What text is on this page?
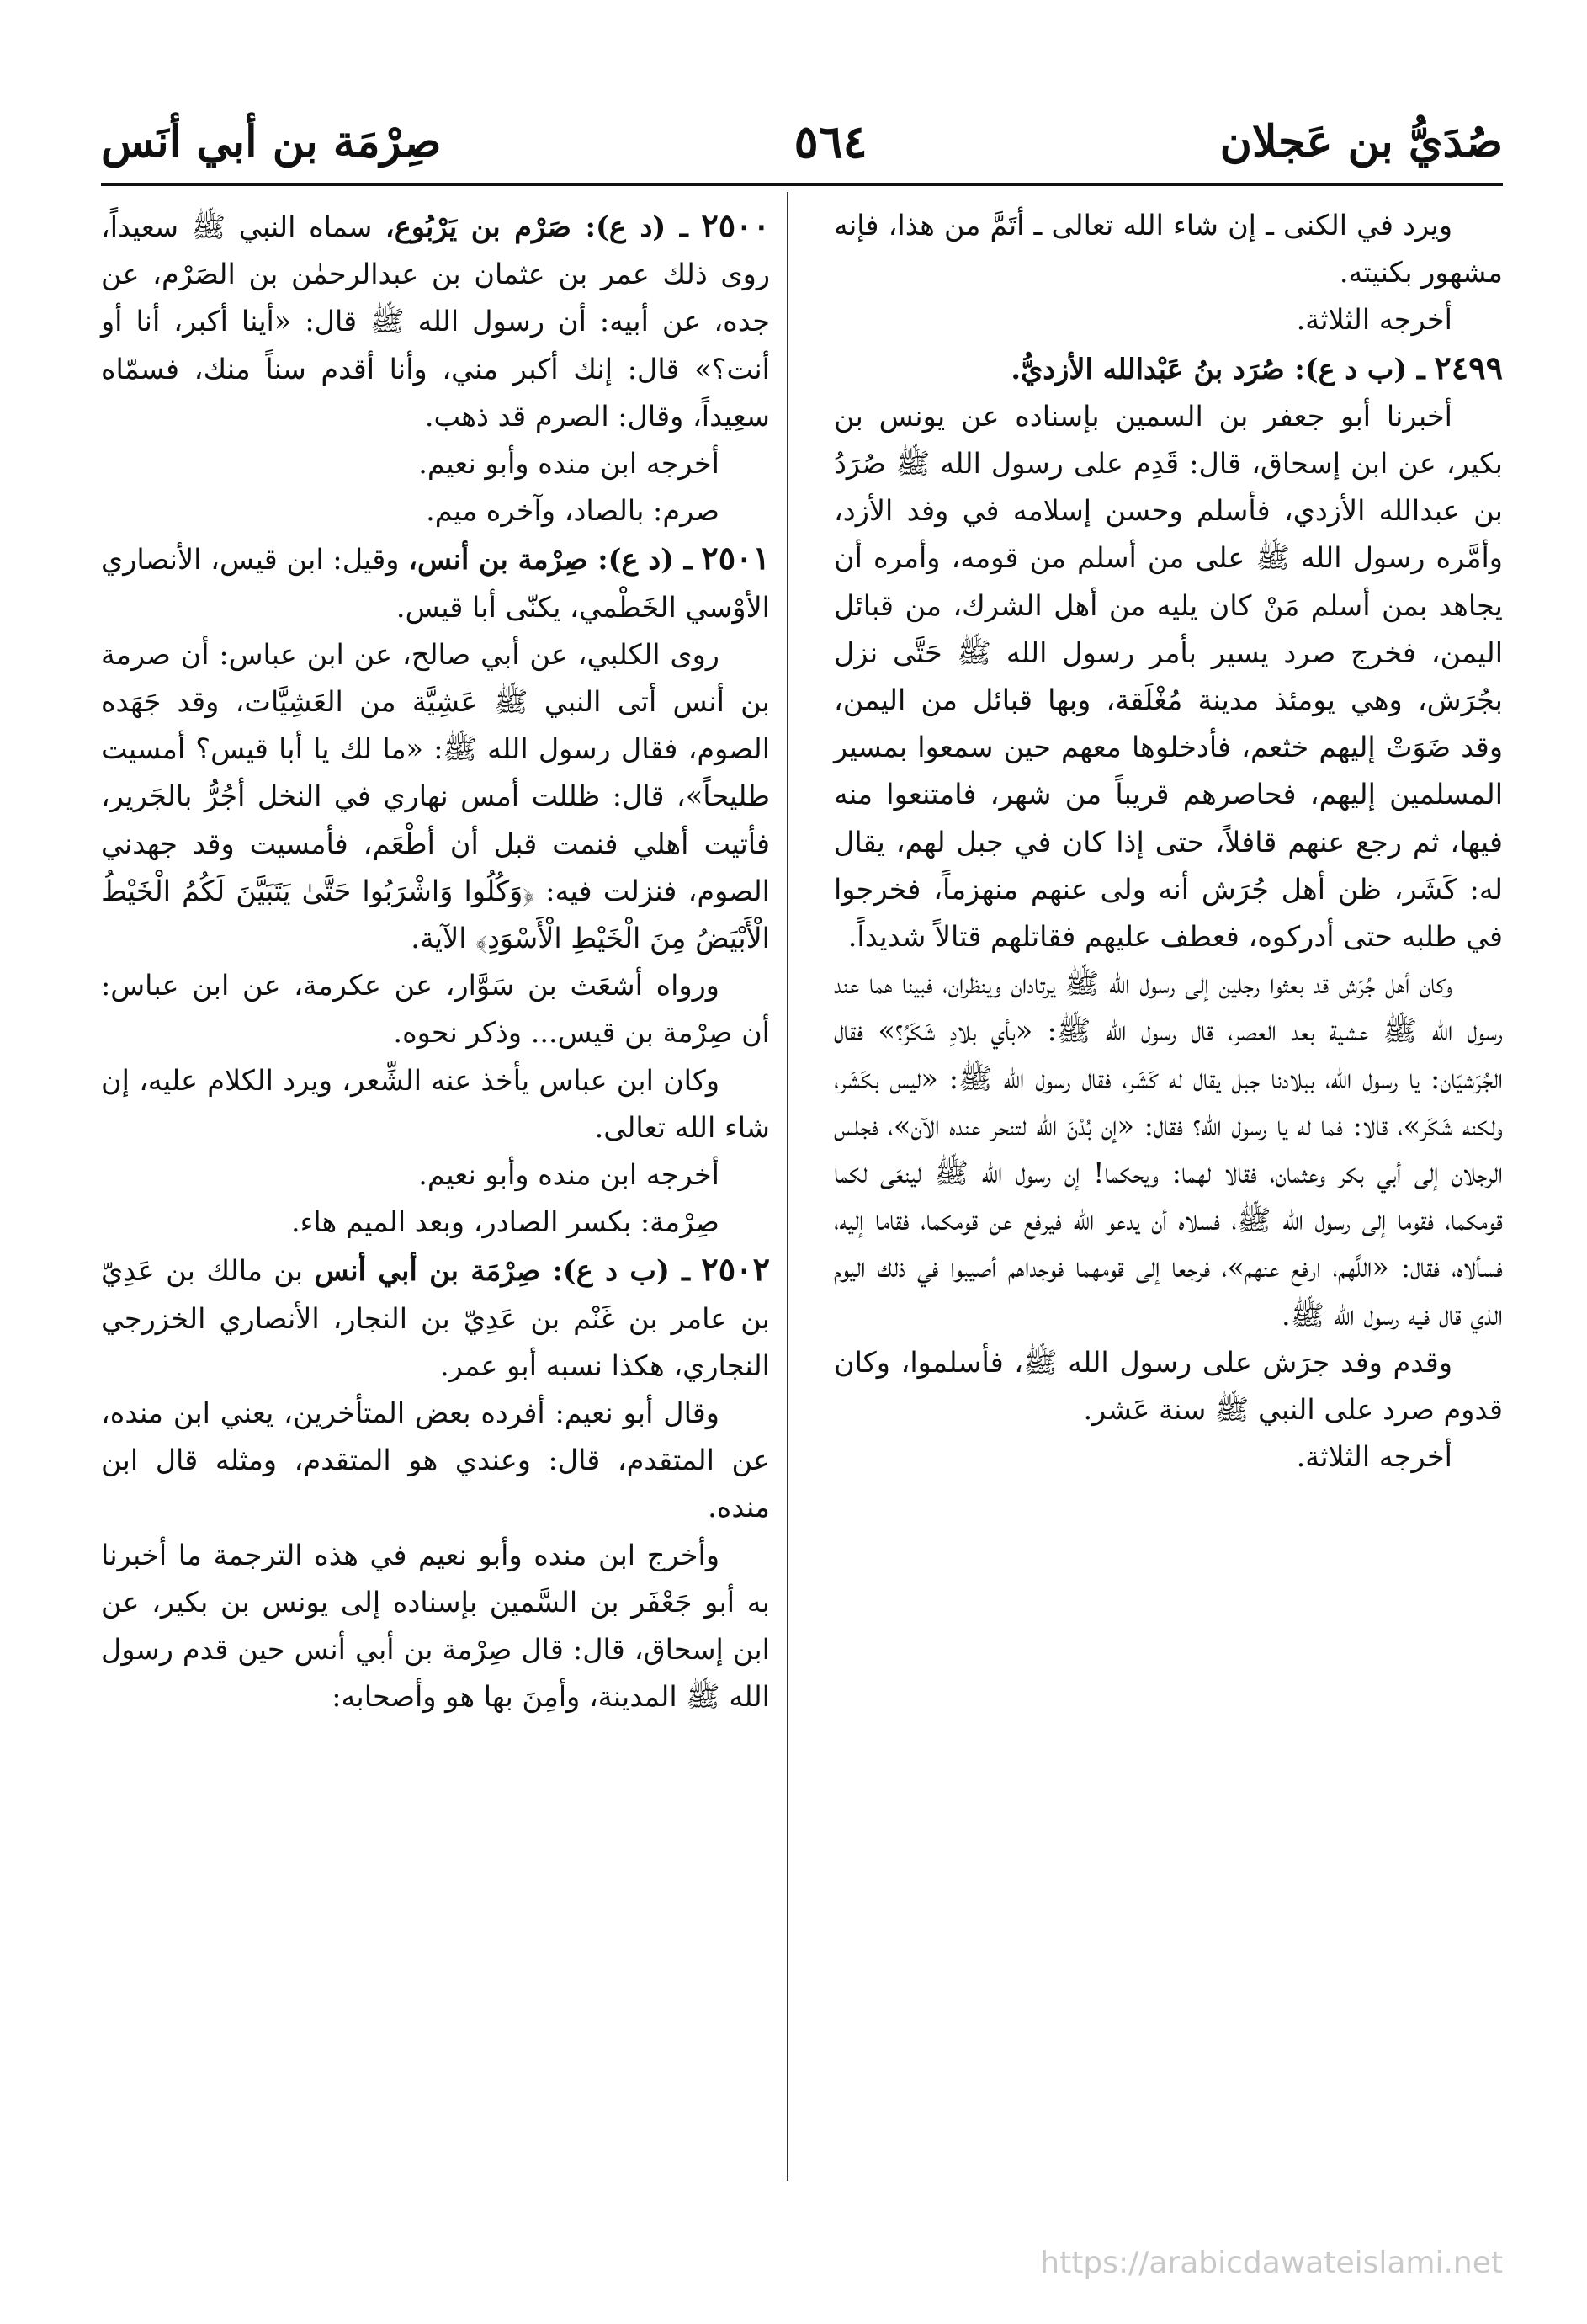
صُدَيُّ بن عَجلان
٥٦٤
صِرْمَة بن أبي أنَس

ويرد في الكنى ـ إن شاء الله تعالى ـ أتَمَّ من هذا، فإنه مشهور بكنيته.

أخرجه الثلاثة.

٢٤٩٩ ـ (ب د ع): صُرَد بنُ عَبْدالله الأزديُّ.

أخبرنا أبو جعفر بن السمين بإسناده عن يونس بن بكير، عن ابن إسحاق، قال: قَدِم على رسول الله ﷺ صُرَدُ بن عبدالله الأزدي، فأسلم وحسن إسلامه في وفد الأزد، وأمَّره رسول الله ﷺ على من أسلم من قومه، وأمره أن يجاهد بمن أسلم مَنْ كان يليه من أهل الشرك، من قبائل اليمن، فخرج صرد يسير بأمر رسول الله ﷺ حَتَّى نزل بجُرَش، وهي يومئذ مدينة مُغْلَقة، وبها قبائل من اليمن، وقد ضَوَتْ إليهم خثعم، فأدخلوها معهم حين سمعوا بمسير المسلمين إليهم، فحاصرهم قريباً من شهر، فامتنعوا منه فيها، ثم رجع عنهم قافلاً، حتى إذا كان في جبل لهم، يقال له: كَشَر، ظن أهل جُرَش أنه ولى عنهم منهزماً، فخرجوا في طلبه حتى أدركوه، فعطف عليهم فقاتلهم قتالاً شديداً.

وكان أهل جُرَش قد بعثوا رجلين إلى رسول الله ﷺ يرتادان وينظران، فبينا هما عند رسول الله ﷺ عشية بعد العصر، قال رسول الله ﷺ: «بأي بلادِ شَكَرُ؟» فقال الجُرَشيّان: يا رسول الله، ببلادنا جبل يقال له كَشَر، فقال رسول الله ﷺ: «ليس بكَشَر، ولكنه شَكَر»، قالا: فما له يا رسول الله؟ فقال: «إن بُدْنَ الله لتنحر عنده الآن»، فجلس الرجلان إلى أبي بكر وعثمان، فقالا لهما: ويحكما! إن رسول الله ﷺ لينعَى لكما قومكما، فقوما إلى رسول الله ﷺ، فسلاه أن يدعو الله فيرفع عن قومكما، فقاما إليه، فسألاه، فقال: «اللَّهم، ارفع عنهم»، فرجعا إلى قومهما فوجداهم أصيبوا في ذلك اليوم الذي قال فيه رسول الله ﷺ.

وقدم وفد جرَش على رسول الله ﷺ، فأسلموا، وكان قدوم صرد على النبي ﷺ سنة عَشر.

أخرجه الثلاثة.

٢٥٠٠ ـ (د ع): صَرْم بن يَرْبُوع، سماه النبي ﷺ سعيداً، روى ذلك عمر بن عثمان بن عبدالرحمٰن بن الصَرْم، عن جده، عن أبيه: أن رسول الله ﷺ قال: «أينا أكبر، أنا أو أنت؟» قال: إنك أكبر مني، وأنا أقدم سناً منك، فسمّاه سعِيداً، وقال: الصرم قد ذهب.

أخرجه ابن منده وأبو نعيم.

صرم: بالصاد، وآخره ميم.

٢٥٠١ ـ (د ع): صِرْمة بن أنس، وقيل: ابن قيس، الأنصاري الأوْسي الخَطْمي، يكنّى أبا قيس.

روى الكلبي، عن أبي صالح، عن ابن عباس: أن صرمة بن أنس أتى النبي ﷺ عَشِيَّة من العَشِيَّات، وقد جَهَده الصوم، فقال رسول الله ﷺ: «ما لك يا أبا قيس؟ أمسيت طليحاً»، قال: ظللت أمس نهاري في النخل أجُرُّ بالجَرير، فأتيت أهلي فنمت قبل أن أطْعَم، فأمسيت وقد جهدني الصوم، فنزلت فيه: ﴿وَكُلُوا وَاشْرَبُوا حَتَّىٰ يَتَبَيَّنَ لَكُمُ الْخَيْطُ الْأَبْيَضُ مِنَ الْخَيْطِ الْأَسْوَدِ﴾ الآية.

ورواه أشعَث بن سَوَّار، عن عكرمة، عن ابن عباس: أن صِرْمة بن قيس... وذكر نحوه.

وكان ابن عباس يأخذ عنه الشِّعر، ويرد الكلام عليه، إن شاء الله تعالى.

أخرجه ابن منده وأبو نعيم.

صِرْمة: بكسر الصادر، وبعد الميم هاء.

٢٥٠٢ ـ (ب د ع): صِرْمَة بن أبي أنس بن مالك بن عَدِيّ بن عامر بن غَنْم بن عَدِيّ بن النجار، الأنصاري الخزرجي النجاري، هكذا نسبه أبو عمر.

وقال أبو نعيم: أفرده بعض المتأخرين، يعني ابن منده، عن المتقدم، قال: وعندي هو المتقدم، ومثله قال ابن منده.

وأخرج ابن منده وأبو نعيم في هذه الترجمة ما أخبرنا به أبو جَعْفَر بن السَّمين بإسناده إلى يونس بن بكير، عن ابن إسحاق، قال: قال صِرْمة بن أبي أنس حين قدم رسول الله ﷺ المدينة، وأمِنَ بها هو وأصحابه:

https://arabicdawateislami.net
